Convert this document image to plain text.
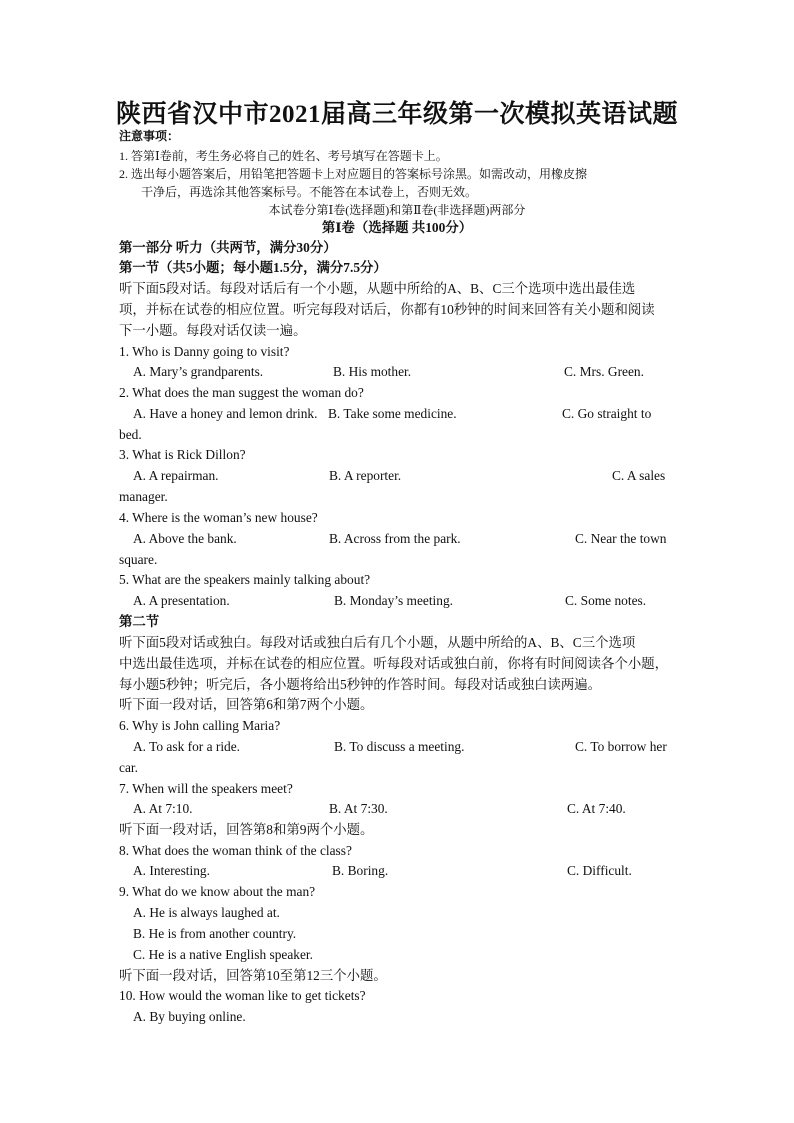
陕西省汉中市2021届高三年级第一次模拟英语试题
注意事项：
1. 答第Ⅰ卷前，考生务必将自己的姓名、考号填写在答题卡上。
2. 选出每小题答案后，用铅笔把答题卡上对应题目的答案标号涂黑。如需改动，用橡皮擦
干净后，再选涂其他答案标号。不能答在本试卷上，否则无效。
本试卷分第Ⅰ卷(选择题)和第Ⅱ卷(非选择题)两部分
第Ⅰ卷（选择题 共100分）
第一部分 听力（共两节，满分30分）
第一节（共5小题；每小题1.5分，满分7.5分）
听下面5段对话。每段对话后有一个小题，从题中所给的A、B、C三个选项中选出最佳选
项，并标在试卷的相应位置。听完每段对话后，你都有10秒钟的时间来回答有关小题和阅读
下一小题。每段对话仅读一遍。
1. Who is Danny going to visit?
A. Mary’s grandparents.	B. His mother.	C. Mrs. Green.
2. What does the man suggest the woman do?
A. Have a honey and lemon drink. B. Take some medicine.	C. Go straight to
bed.
3. What is Rick Dillon?
A. A repairman.	B. A reporter.	C. A sales
manager.
4. Where is the woman’s new house?
A. Above the bank.	B. Across from the park.	C. Near the town
square.
5. What are the speakers mainly talking about?
A. A presentation.	B. Monday’s meeting.	C. Some notes.
第二节
听下面5段对话或独白。每段对话或独白后有几个小题，从题中所给的A、B、C三个选项
中选出最佳选项，并标在试卷的相应位置。听每段对话或独白前，你将有时间阅读各个小题，
每小题5秒钟；听完后，各小题将给出5秒钟的作答时间。每段对话或独白读两遍。
听下面一段对话，回答第6和第7两个小题。
6. Why is John calling Maria?
A. To ask for a ride.	B. To discuss a meeting.	C. To borrow her
car.
7. When will the speakers meet?
A. At 7:10.	B. At 7:30.	C. At 7:40.
听下面一段对话，回答第8和第9两个小题。
8. What does the woman think of the class?
A. Interesting.	B. Boring.	C. Difficult.
9. What do we know about the man?
A. He is always laughed at.
B. He is from another country.
C. He is a native English speaker.
听下面一段对话，回答第10至第12三个小题。
10. How would the woman like to get tickets?
A. By buying online.
